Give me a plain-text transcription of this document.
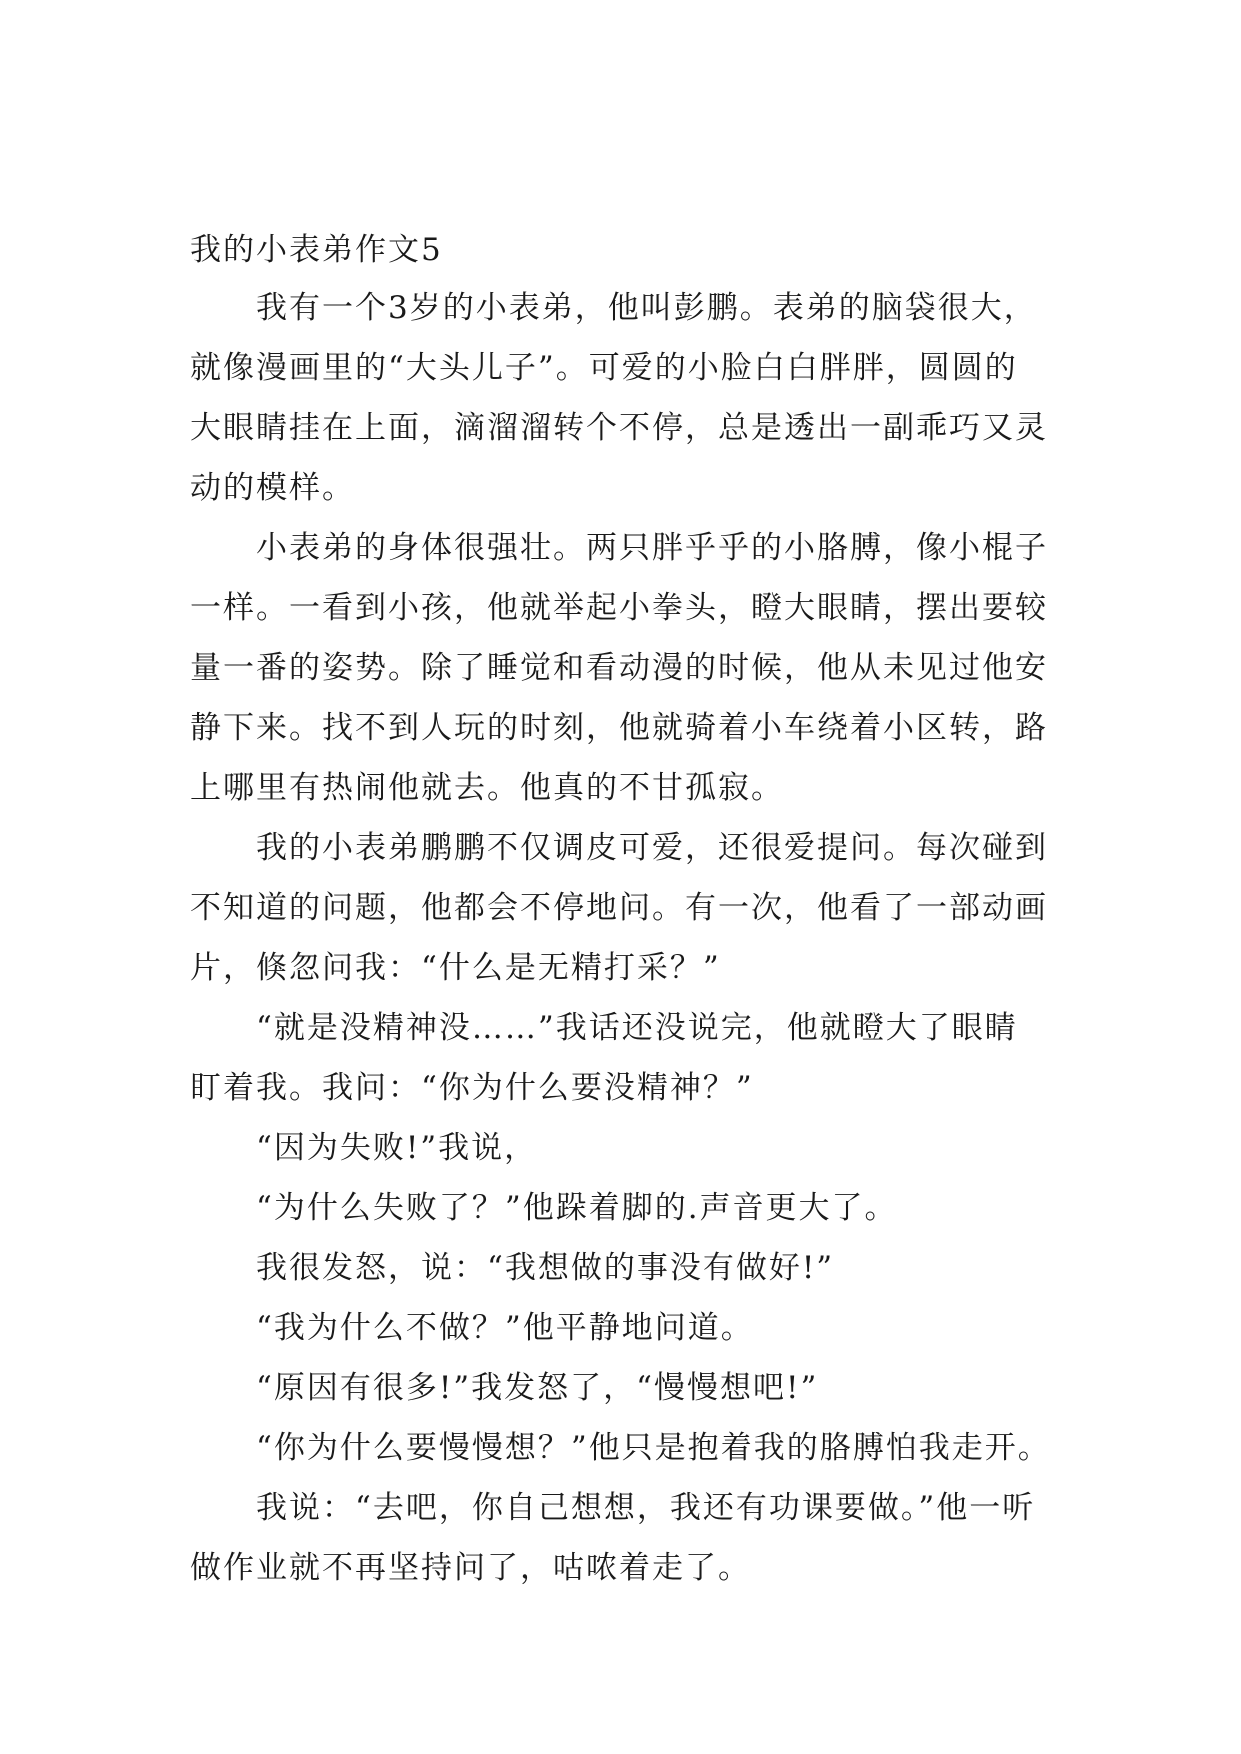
我的小表弟作文5

我有一个3岁的小表弟，他叫彭鹏。表弟的脑袋很大，
就像漫画里的“大头儿子”。可爱的小脸白白胖胖，圆圆的
大眼睛挂在上面，滴溜溜转个不停，总是透出一副乖巧又灵
动的模样。

小表弟的身体很强壮。两只胖乎乎的小胳膊，像小棍子
一样。一看到小孩，他就举起小拳头，瞪大眼睛，摆出要较
量一番的姿势。除了睡觉和看动漫的时候，他从未见过他安
静下来。找不到人玩的时刻，他就骑着小车绕着小区转，路
上哪里有热闹他就去。他真的不甘孤寂。

我的小表弟鹏鹏不仅调皮可爱，还很爱提问。每次碰到
不知道的问题，他都会不停地问。有一次，他看了一部动画
片，倏忽问我：“什么是无精打采？”

“就是没精神没……”我话还没说完，他就瞪大了眼睛
盯着我。我问：“你为什么要没精神？”

“因为失败!”我说，

“为什么失败了？”他跺着脚的.声音更大了。

我很发怒，说：“我想做的事没有做好!”

“我为什么不做？”他平静地问道。

“原因有很多!”我发怒了，“慢慢想吧!”

“你为什么要慢慢想？”他只是抱着我的胳膊怕我走开。

我说：“去吧，你自己想想，我还有功课要做。”他一听
做作业就不再坚持问了，咕哝着走了。
